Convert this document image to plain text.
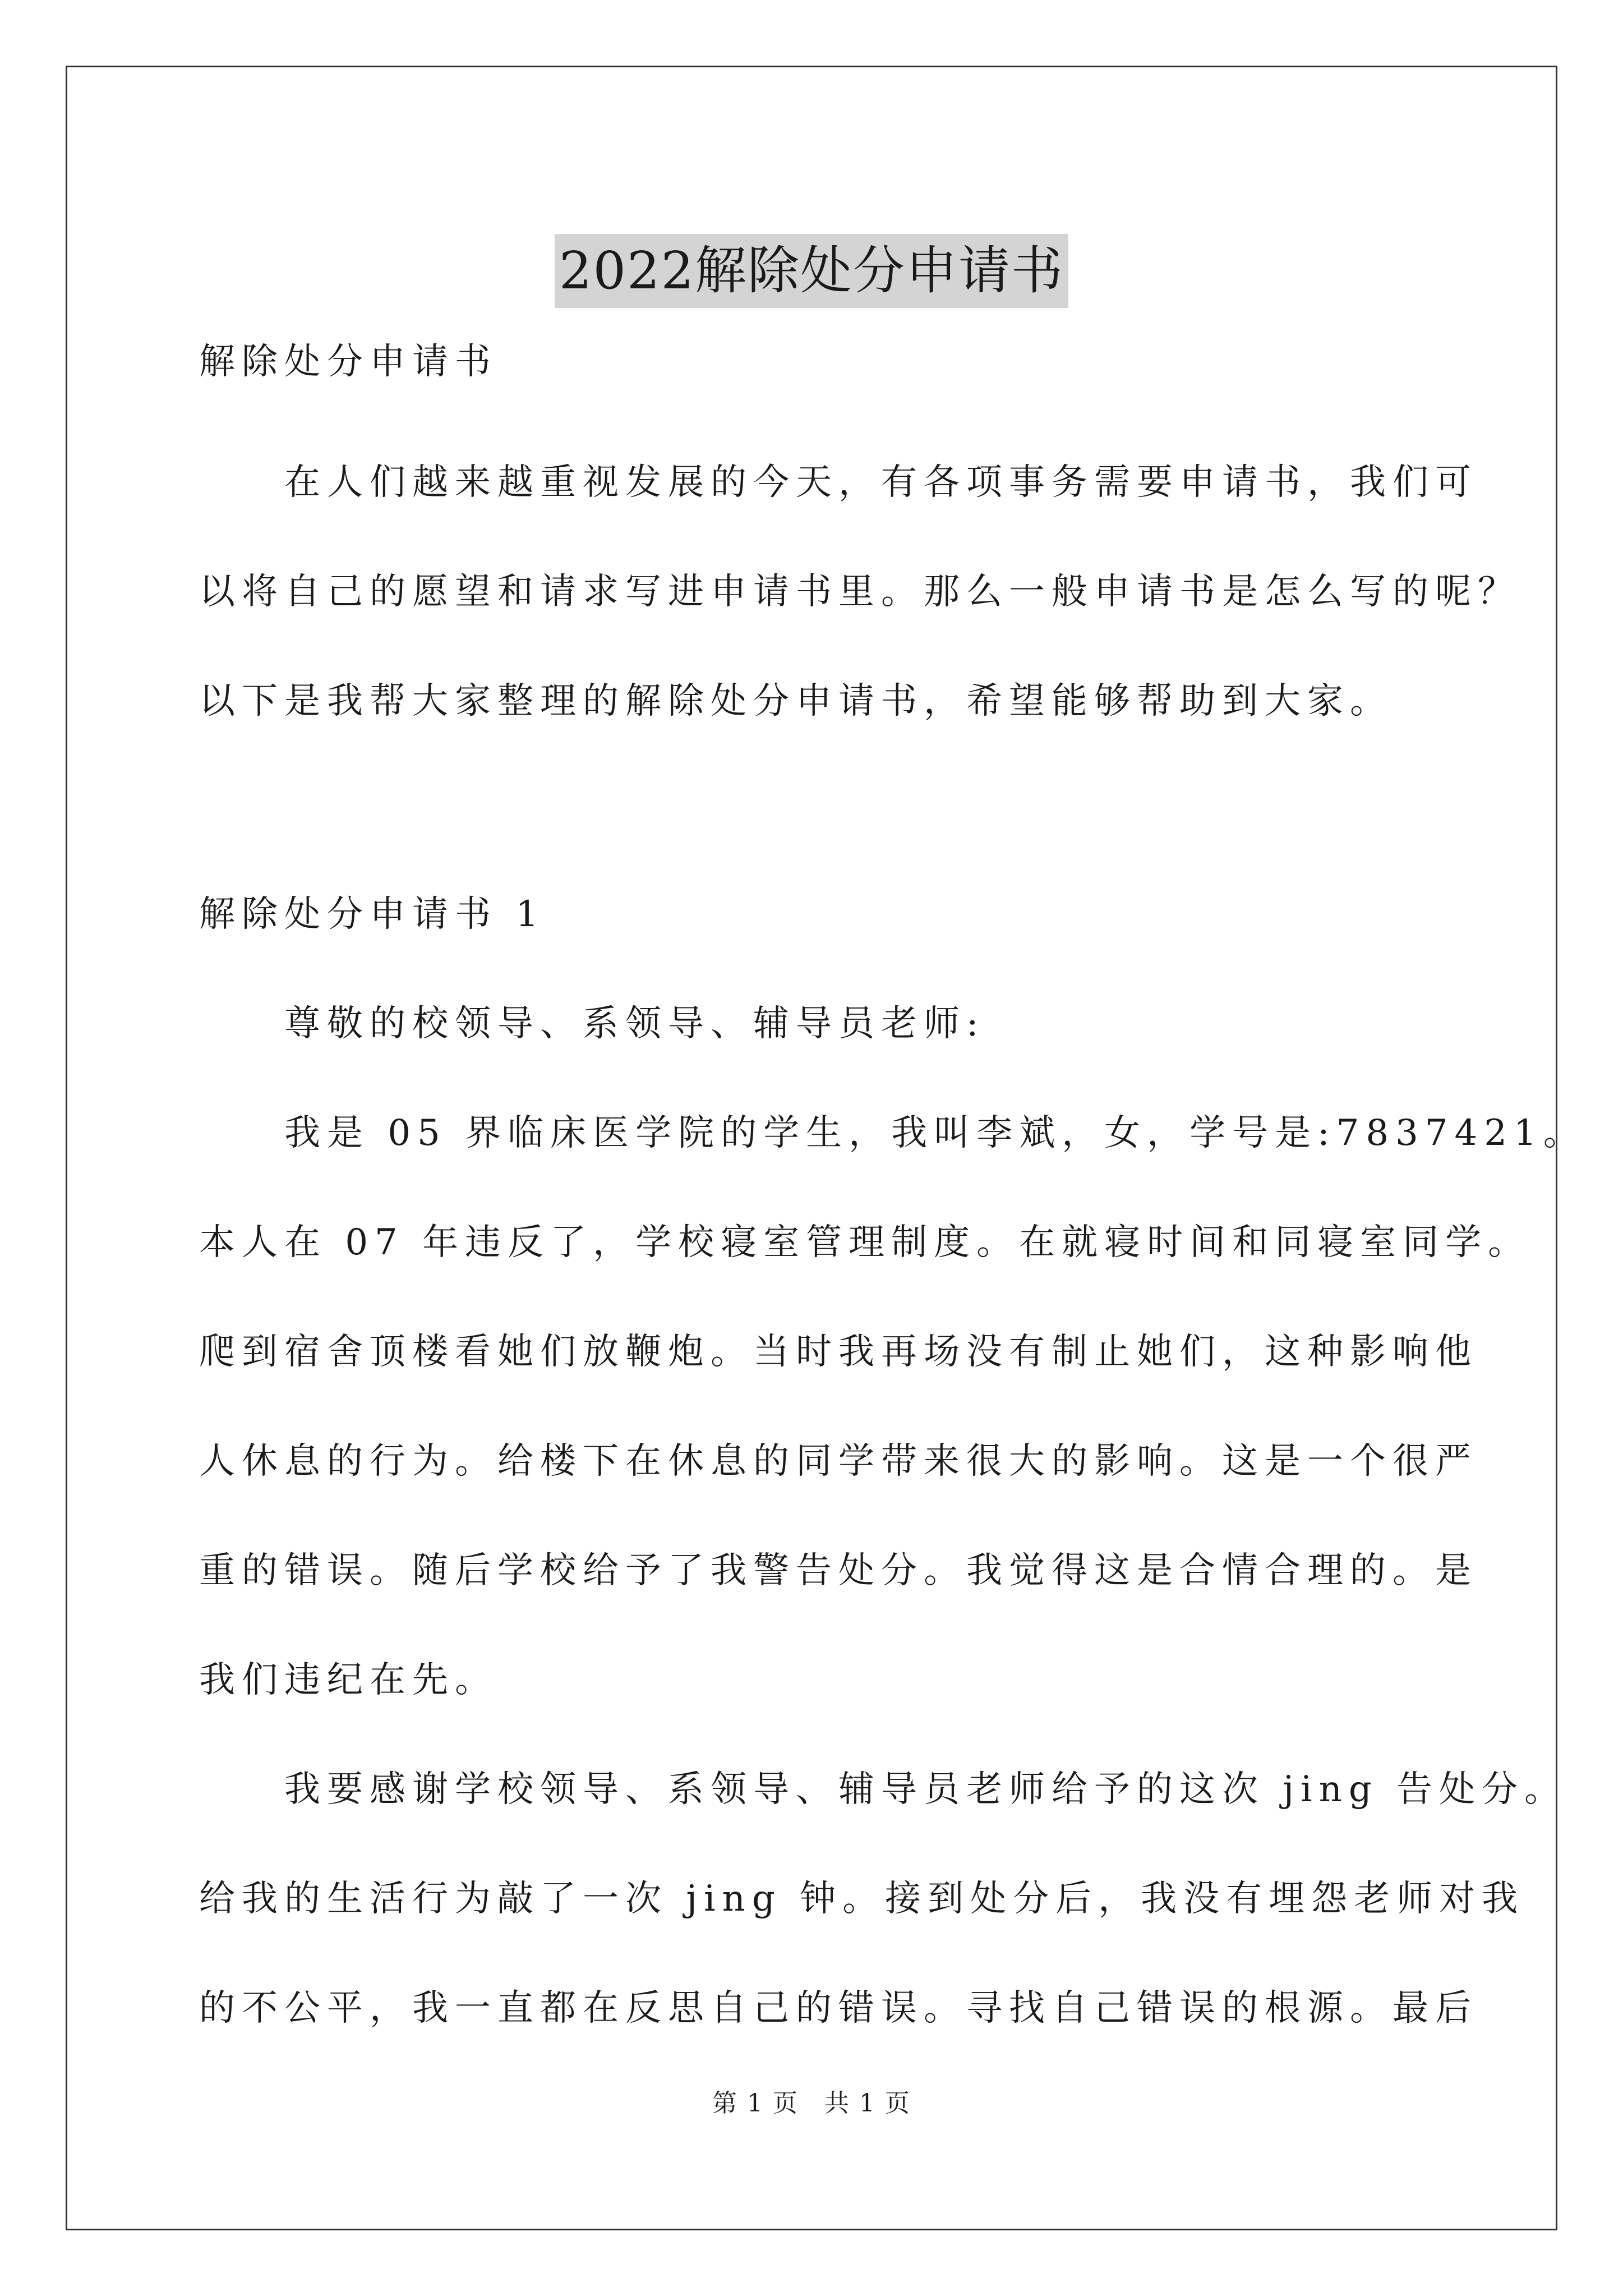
2022解除处分申请书
解除处分申请书
　　在人们越来越重视发展的今天，有各项事务需要申请书，我们可
以将自己的愿望和请求写进申请书里。那么一般申请书是怎么写的呢？
以下是我帮大家整理的解除处分申请书，希望能够帮助到大家。
解除处分申请书 1
　　尊敬的校领导、系领导、辅导员老师:
　　我是 05 界临床医学院的学生，我叫李斌，女，学号是:7837421。
本人在 07 年违反了，学校寝室管理制度。在就寝时间和同寝室同学。
爬到宿舍顶楼看她们放鞭炮。当时我再场没有制止她们，这种影响他
人休息的行为。给楼下在休息的同学带来很大的影响。这是一个很严
重的错误。随后学校给予了我警告处分。我觉得这是合情合理的。是
我们违纪在先。
　　我要感谢学校领导、系领导、辅导员老师给予的这次 jing 告处分。
给我的生活行为敲了一次 jing 钟。接到处分后，我没有埋怨老师对我
的不公平，我一直都在反思自己的错误。寻找自己错误的根源。最后
第 1 页　共 1 页
